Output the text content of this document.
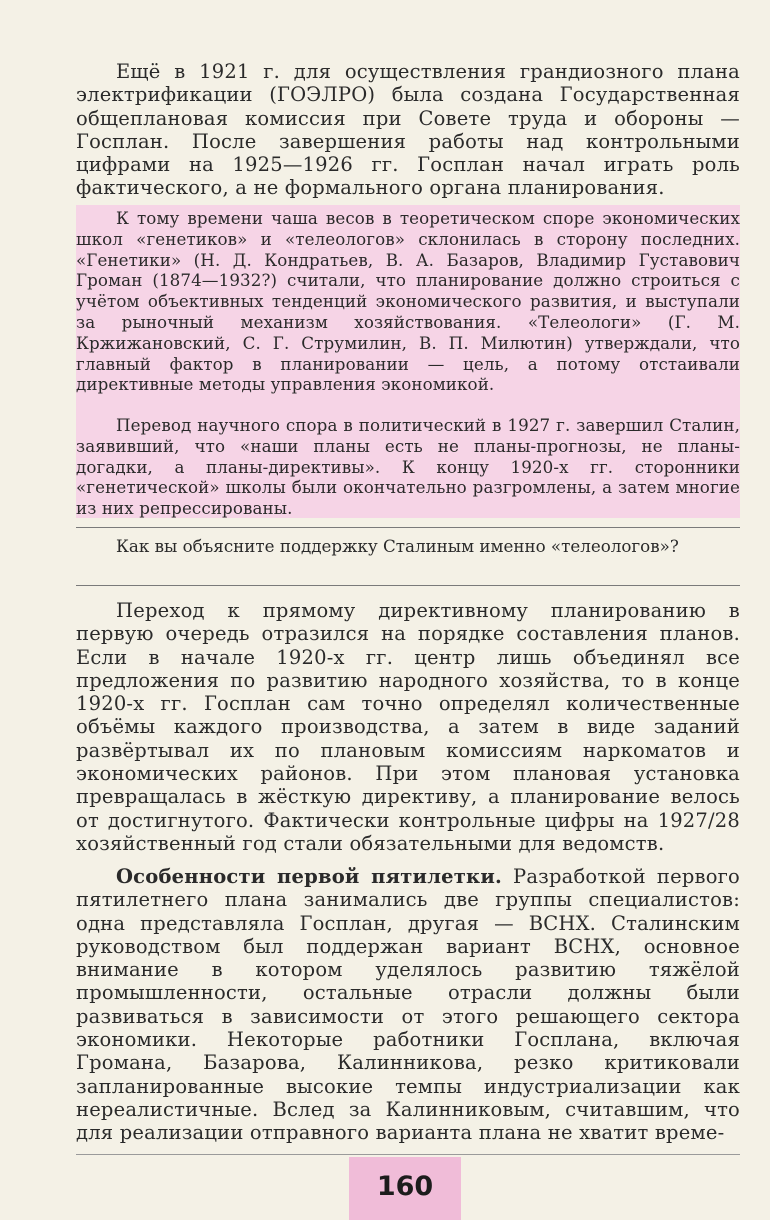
Ещё в 1921 г. для осуществления грандиозного плана электрификации (ГОЭЛРО) была создана Государственная общеплановая комиссия при Совете труда и обороны — Госплан. После завершения работы над контрольными цифрами на 1925—1926 гг. Госплан начал играть роль фактического, а не формального органа планирования.

К тому времени чаша весов в теоретическом споре экономических школ «генетиков» и «телеологов» склонилась в сторону последних. «Генетики» (Н. Д. Кондратьев, В. А. Базаров, Владимир Густавович Громан (1874—1932?) считали, что планирование должно строиться с учётом объективных тенденций экономического развития, и выступали за рыночный механизм хозяйствования. «Телеологи» (Г. М. Кржижановский, С. Г. Струмилин, В. П. Милютин) утверждали, что главный фактор в планировании — цель, а потому отстаивали директивные методы управления экономикой.

Перевод научного спора в политический в 1927 г. завершил Сталин, заявивший, что «наши планы есть не планы-прогнозы, не планы-догадки, а планы-директивы». К концу 1920-х гг. сторонники «генетической» школы были окончательно разгромлены, а затем многие из них репрессированы.

Как вы объясните поддержку Сталиным именно «телеологов»?

Переход к прямому директивному планированию в первую очередь отразился на порядке составления планов. Если в начале 1920-х гг. центр лишь объединял все предложения по развитию народного хозяйства, то в конце 1920-х гг. Госплан сам точно определял количественные объёмы каждого производства, а затем в виде заданий развёртывал их по плановым комиссиям наркоматов и экономических районов. При этом плановая установка превращалась в жёсткую директиву, а планирование велось от достигнутого. Фактически контрольные цифры на 1927/28 хозяйственный год стали обязательными для ведомств.

Особенности первой пятилетки. Разработкой первого пятилетнего плана занимались две группы специалистов: одна представляла Госплан, другая — ВСНХ. Сталинским руководством был поддержан вариант ВСНХ, основное внимание в котором уделялось развитию тяжёлой промышленности, остальные отрасли должны были развиваться в зависимости от этого решающего сектора экономики. Некоторые работники Госплана, включая Громана, Базарова, Калинникова, резко критиковали запланированные высокие темпы индустриализации как нереалистичные. Вслед за Калинниковым, считавшим, что для реализации отправного варианта плана не хватит време-

160
